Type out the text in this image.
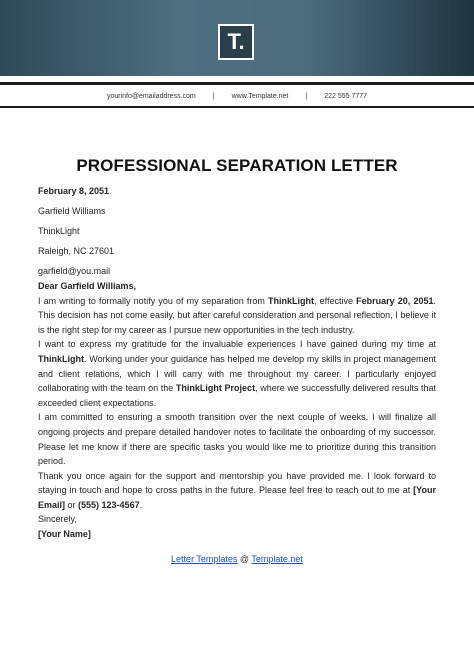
T.
yourinfo@emailaddress.com | www.Template.net | 222 555 7777
PROFESSIONAL SEPARATION LETTER

February 8, 2051

Garfield Williams

ThinkLight

Raleigh, NC 27601

garfield@you.mail

Dear Garfield Williams,

I am writing to formally notify you of my separation from ThinkLight, effective February 20, 2051. This decision has not come easily, but after careful consideration and personal reflection, I believe it is the right step for my career as I pursue new opportunities in the tech industry.

I want to express my gratitude for the invaluable experiences I have gained during my time at ThinkLight. Working under your guidance has helped me develop my skills in project management and client relations, which I will carry with me throughout my career. I particularly enjoyed collaborating with the team on the ThinkLight Project, where we successfully delivered results that exceeded client expectations.

I am committed to ensuring a smooth transition over the next couple of weeks. I will finalize all ongoing projects and prepare detailed handover notes to facilitate the onboarding of my successor. Please let me know if there are specific tasks you would like me to prioritize during this transition period.

Thank you once again for the support and mentorship you have provided me. I look forward to staying in touch and hope to cross paths in the future. Please feel free to reach out to me at [Your Email] or (555) 123-4567.

Sincerely,

[Your Name]

Letter Templates @ Template.net
